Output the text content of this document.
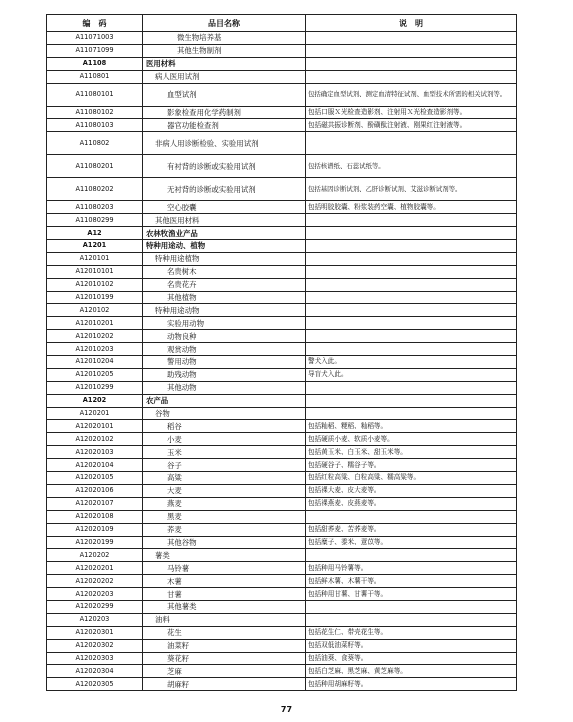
编　码	品目名称	说　明
A11071003	微生物培养基	
A11071099	其他生物制剂	
A1108	医用材料	
A110801	病人医用试剂	
A11080101	血型试剂	包括确定血型试剂、测定血清特征试剂、血型技术所需的相关试剂等。
A11080102	影象检查用化学药制剂	包括口服Ｘ光检查造影剂、注射用Ｘ光检查造影剂等。
A11080103	器官功能检查剂	包括磁共振诊断剂、酚磺酞注射液、刚果红注射液等。
A110802	非病人用诊断检验、实验用试剂	
A11080201	有衬背的诊断或实验用试剂	包括核谱纸、石蕊试纸等。
A11080202	无衬背的诊断或实验用试剂	包括基因诊断试剂、乙肝诊断试剂、艾滋诊断试剂等。
A11080203	空心胶囊	包括明胶胶囊、粉浆装药空囊、植物胶囊等。
A11080299	其他医用材料	
A12	农林牧渔业产品	
A1201	特种用途动、植物	
A120101	特种用途植物	
A12010101	名贵树木	
A12010102	名贵花卉	
A12010199	其他植物	
A120102	特种用途动物	
A12010201	实验用动物	
A12010202	动物良种	
A12010203	观赏动物	
A12010204	警用动物	警犬入此。
A12010205	助残动物	导盲犬入此。
A12010299	其他动物	
A1202	农产品	
A120201	谷物	
A12020101	稻谷	包括籼稻、粳稻、籼稻等。
A12020102	小麦	包括硬质小麦、软质小麦等。
A12020103	玉米	包括黄玉米、白玉米、甜玉米等。
A12020104	谷子	包括硬谷子、糯谷子等。
A12020105	高粱	包括红粒高粱、白粒高粱、糯高粱等。
A12020106	大麦	包括裸大麦、皮大麦等。
A12020107	燕麦	包括裸燕麦、皮燕麦等。
A12020108	黑麦	
A12020109	荞麦	包括甜荞麦、苦荞麦等。
A12020199	其他谷物	包括糜子、黍米、薏苡等。
A120202	薯类	
A12020201	马铃薯	包括种用马铃薯等。
A12020202	木薯	包括鲜木薯、木薯干等。
A12020203	甘薯	包括种用甘薯、甘薯干等。
A12020299	其他薯类	
A120203	油料	
A12020301	花生	包括花生仁、带壳花生等。
A12020302	油菜籽	包括双低油菜籽等。
A12020303	葵花籽	包括油葵、食葵等。
A12020304	芝麻	包括白芝麻、黑芝麻、黄芝麻等。
A12020305	胡麻籽	包括种用胡麻籽等。
77
